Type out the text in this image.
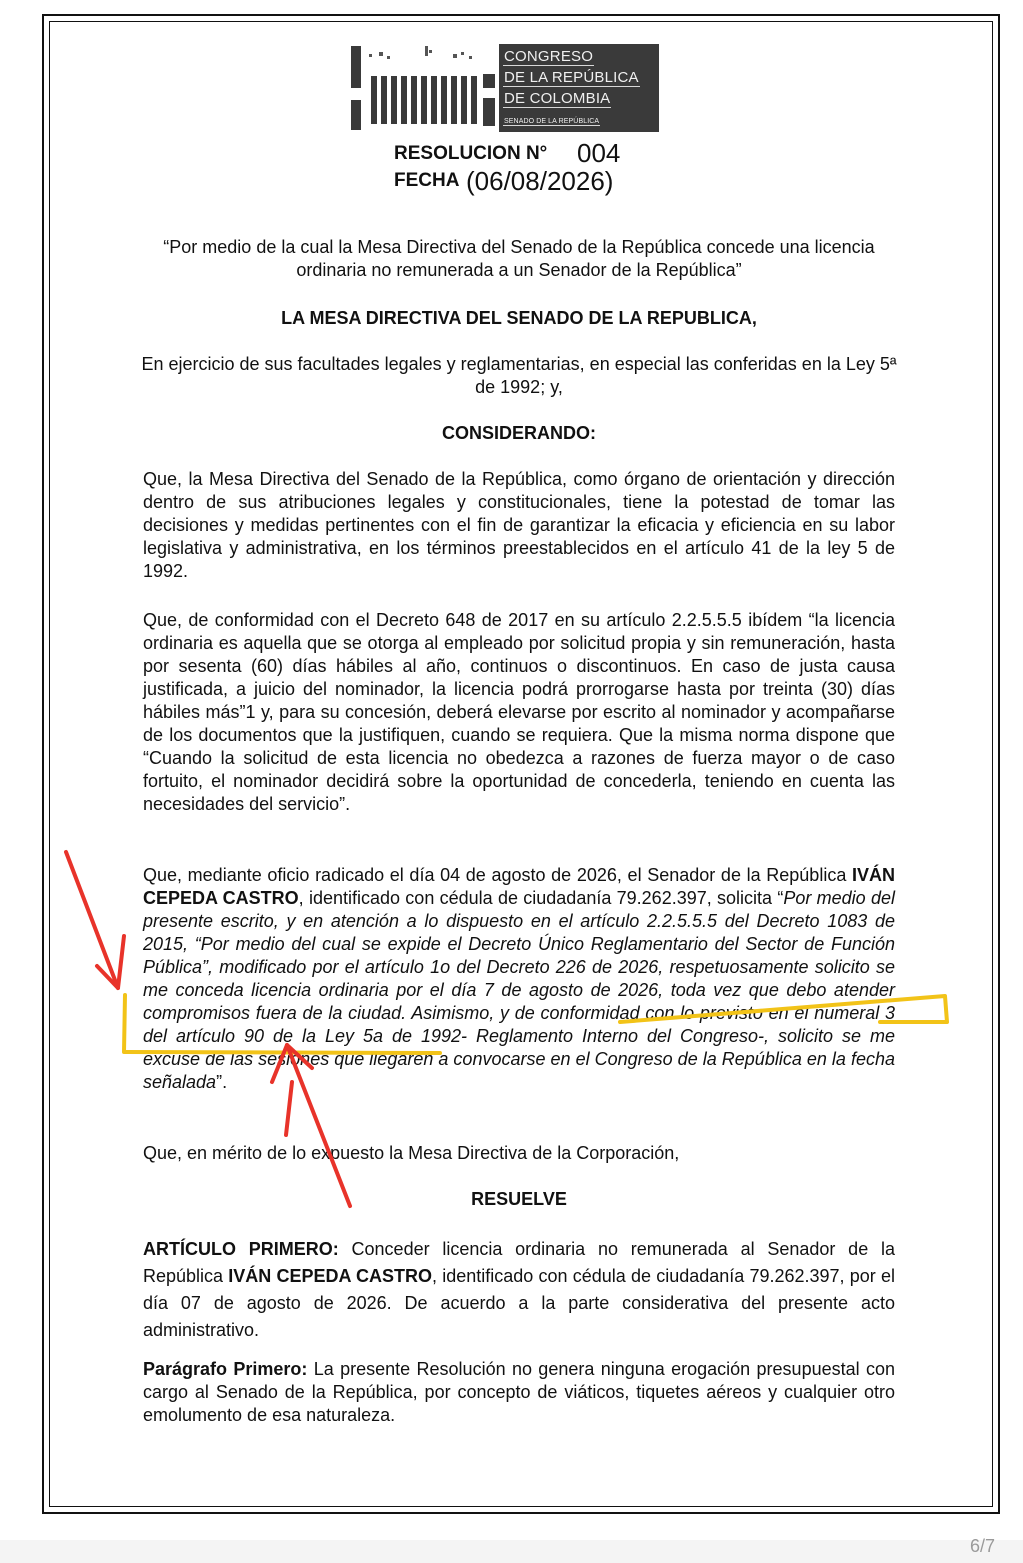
CONGRESO
DE LA REPÚBLICA
DE COLOMBIA
SENADO DE LA REPÚBLICA
RESOLUCION N° 004
FECHA (06/08/2026)
“Por medio de la cual la Mesa Directiva del Senado de la República concede una licencia ordinaria no remunerada a un Senador de la República”
LA MESA DIRECTIVA DEL SENADO DE LA REPUBLICA,
En ejercicio de sus facultades legales y reglamentarias, en especial las conferidas en la Ley 5ª de 1992; y,
CONSIDERANDO:
Que, la Mesa Directiva del Senado de la República, como órgano de orientación y dirección dentro de sus atribuciones legales y constitucionales, tiene la potestad de tomar las decisiones y medidas pertinentes con el fin de garantizar la eficacia y eficiencia en su labor legislativa y administrativa, en los términos preestablecidos en el artículo 41 de la ley 5 de 1992.
Que, de conformidad con el Decreto 648 de 2017 en su artículo 2.2.5.5.5 ibídem “la licencia ordinaria es aquella que se otorga al empleado por solicitud propia y sin remuneración, hasta por sesenta (60) días hábiles al año, continuos o discontinuos. En caso de justa causa justificada, a juicio del nominador, la licencia podrá prorrogarse hasta por treinta (30) días hábiles más”1 y, para su concesión, deberá elevarse por escrito al nominador y acompañarse de los documentos que la justifiquen, cuando se requiera. Que la misma norma dispone que “Cuando la solicitud de esta licencia no obedezca a razones de fuerza mayor o de caso fortuito, el nominador decidirá sobre la oportunidad de concederla, teniendo en cuenta las necesidades del servicio”.
Que, mediante oficio radicado el día 04 de agosto de 2026, el Senador de la República IVÁN CEPEDA CASTRO, identificado con cédula de ciudadanía 79.262.397, solicita “Por medio del presente escrito, y en atención a lo dispuesto en el artículo 2.2.5.5.5 del Decreto 1083 de 2015, “Por medio del cual se expide el Decreto Único Reglamentario del Sector de Función Pública”, modificado por el artículo 1o del Decreto 226 de 2026, respetuosamente solicito se me conceda licencia ordinaria por el día 7 de agosto de 2026, toda vez que debo atender compromisos fuera de la ciudad. Asimismo, y de conformidad con lo previsto en el numeral 3 del artículo 90 de la Ley 5a de 1992- Reglamento Interno del Congreso-, solicito se me excuse de las sesiones que llegaren a convocarse en el Congreso de la República en la fecha señalada”.
Que, en mérito de lo expuesto la Mesa Directiva de la Corporación,
RESUELVE
ARTÍCULO PRIMERO: Conceder licencia ordinaria no remunerada al Senador de la República IVÁN CEPEDA CASTRO, identificado con cédula de ciudadanía 79.262.397, por el día 07 de agosto de 2026. De acuerdo a la parte considerativa del presente acto administrativo.
Parágrafo Primero: La presente Resolución no genera ninguna erogación presupuestal con cargo al Senado de la República, por concepto de viáticos, tiquetes aéreos y cualquier otro emolumento de esa naturaleza.
6/7
